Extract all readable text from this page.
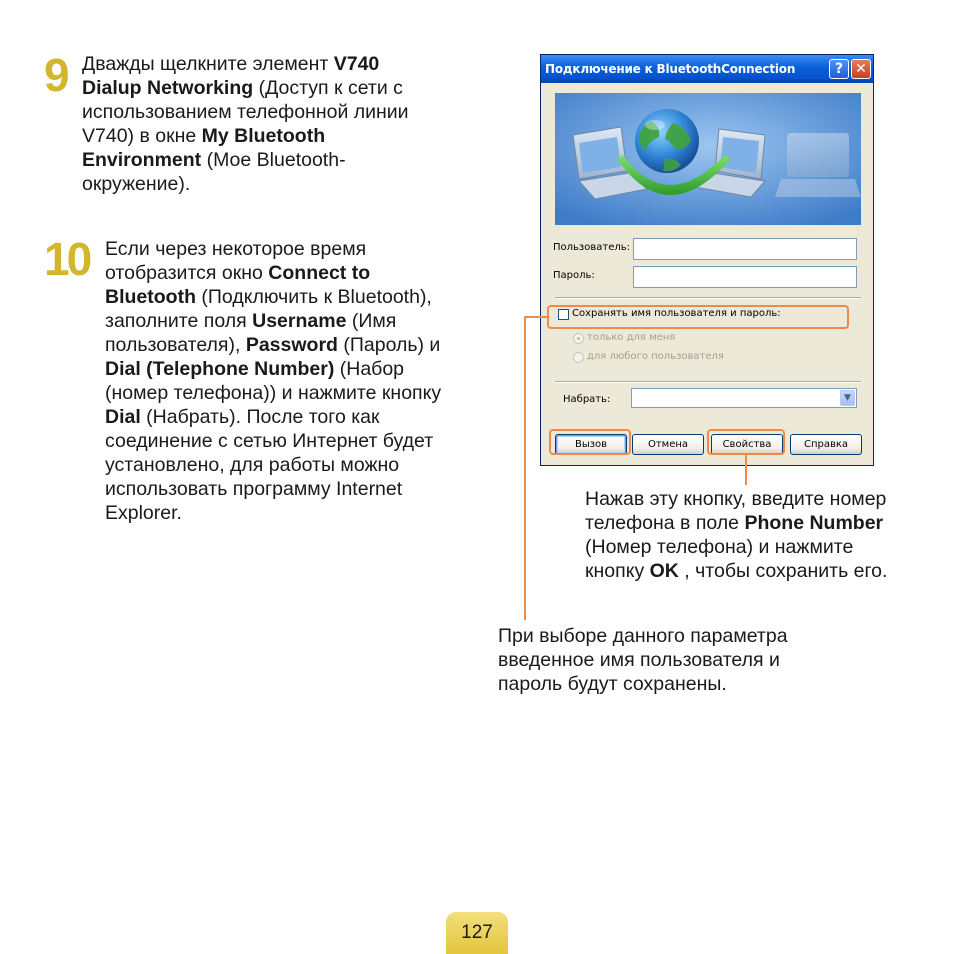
9 Дважды щелкните элемент V740 Dialup Networking (Доступ к сети с использованием телефонной линии V740) в окне My Bluetooth Environment (Мое Bluetooth-окружение).
10 Если через некоторое время отобразится окно Connect to Bluetooth (Подключить к Bluetooth), заполните поля Username (Имя пользователя), Password (Пароль) и Dial (Telephone Number) (Набор (номер телефона)) и нажмите кнопку Dial (Набрать). После того как соединение с сетью Интернет будет установлено, для работы можно использовать программу Internet Explorer.
Подключение к BluetoothConnection	? ✕
Пользователь:
Пароль:
Сохранять имя пользователя и пароль:
только для меня
для любого пользователя
Набрать:	▼
Вызов	Отмена	Свойства	Справка
Нажав эту кнопку, введите номер телефона в поле Phone Number (Номер телефона) и нажмите кнопку OK , чтобы сохранить его.
При выборе данного параметра введенное имя пользователя и пароль будут сохранены.
127
